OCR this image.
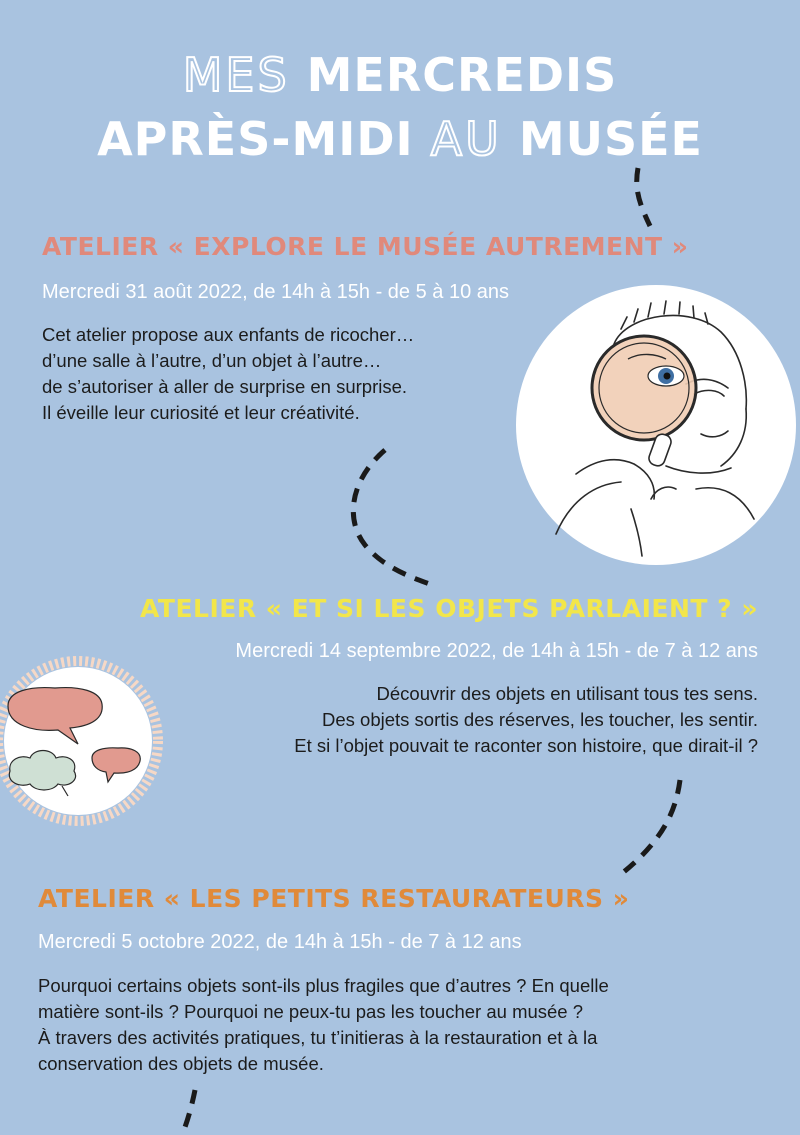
MES MERCREDIS
APRÈS-MIDI AU MUSÉE
ATELIER « EXPLORE LE MUSÉE AUTREMENT »
Mercredi 31 août 2022, de 14h à 15h - de 5 à 10 ans
Cet atelier propose aux enfants de ricocher…
d’une salle à l’autre, d’un objet à l’autre…
de s’autoriser à aller de surprise en surprise.
Il éveille leur curiosité et leur créativité.
ATELIER « ET SI LES OBJETS PARLAIENT ? »
Mercredi 14 septembre 2022, de 14h à 15h - de 7 à 12 ans
Découvrir des objets en utilisant tous tes sens.
Des objets sortis des réserves, les toucher, les sentir.
Et si l’objet pouvait te raconter son histoire, que dirait-il ?
ATELIER « LES PETITS RESTAURATEURS »
Mercredi 5 octobre 2022, de 14h à 15h - de 7 à 12 ans
Pourquoi certains objets sont-ils plus fragiles que d’autres ? En quelle
matière sont-ils ? Pourquoi ne peux-tu pas les toucher au musée ?
À travers des activités pratiques, tu t’initieras à la restauration et à la
conservation des objets de musée.
